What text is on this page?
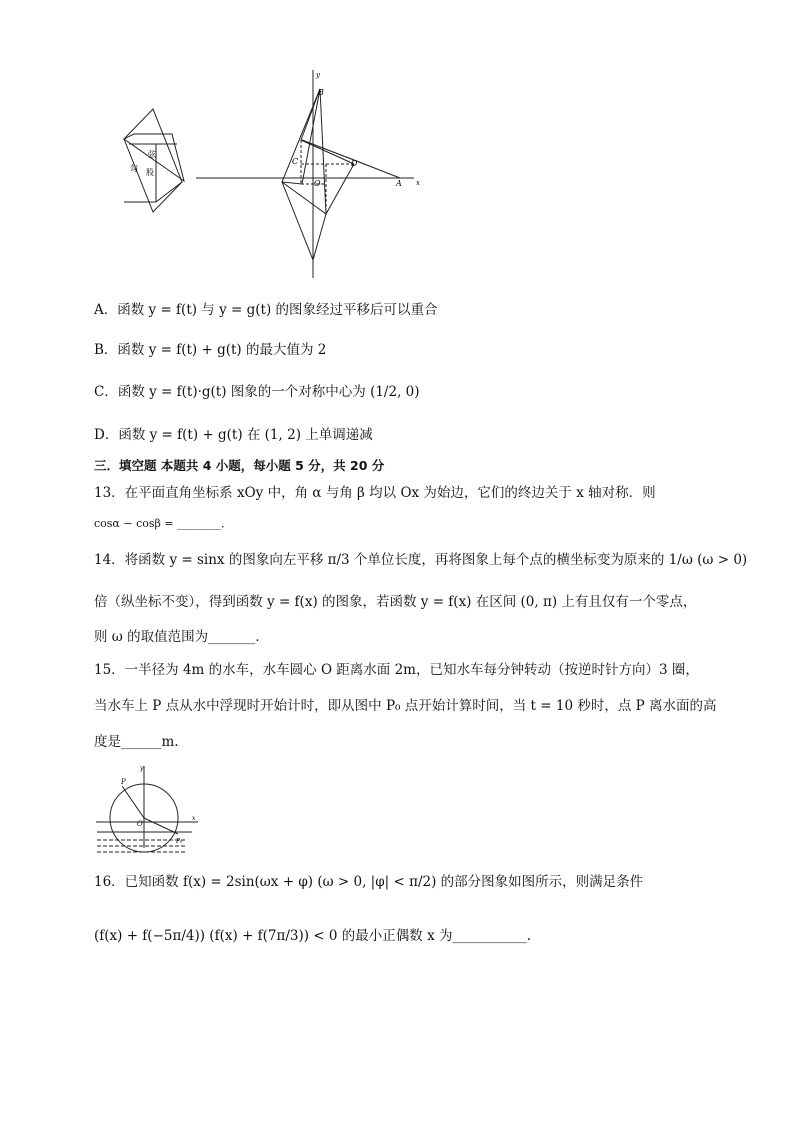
弦
勾 股
B
C	D
O	A x
y
A．函数 y = f(t) 与 y = g(t) 的图象经过平移后可以重合
B．函数 y = f(t) + g(t) 的最大值为 2
C．函数 y = f(t)·g(t) 图象的一个对称中心为 (1/2, 0)
D．函数 y = f(t) + g(t) 在 (1, 2) 上单调递减
三．填空题 本题共 4 小题，每小题 5 分，共 20 分
13．在平面直角坐标系 xOy 中，角 α 与角 β 均以 Ox 为始边，它们的终边关于 x 轴对称．则
cosα − cosβ = ________．
14．将函数 y = sinx 的图象向左平移 π/3 个单位长度，再将图象上每个点的横坐标变为原来的 1/ω (ω > 0)
倍（纵坐标不变），得到函数 y = f(x) 的图象，若函数 y = f(x) 在区间 (0, π) 上有且仅有一个零点，
则 ω 的取值范围为_______．
15．一半径为 4m 的水车，水车圆心 O 距离水面 2m，已知水车每分钟转动（按逆时针方向）3 圈，
当水车上 P 点从水中浮现时开始计时，即从图中 P₀ 点开始计算时间，当 t = 10 秒时，点 P 离水面的高
度是______m.
P
O
P₀
x
y
16．已知函数 f(x) = 2sin(ωx + φ) (ω > 0, |φ| < π/2) 的部分图象如图所示，则满足条件
(f(x) + f(−5π/4)) (f(x) + f(7π/3)) < 0 的最小正偶数 x 为___________.
